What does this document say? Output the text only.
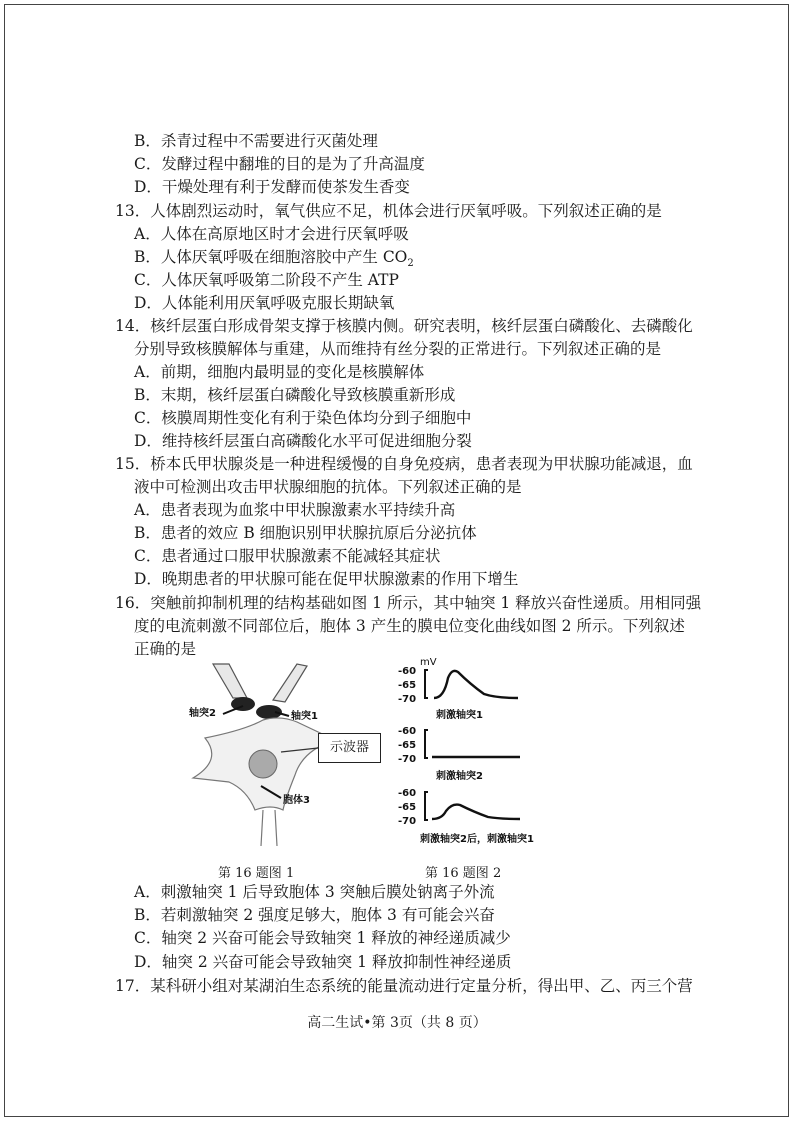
B．杀青过程中不需要进行灭菌处理
C．发酵过程中翻堆的目的是为了升高温度
D．干燥处理有利于发酵而使茶发生香变
13．人体剧烈运动时，氧气供应不足，机体会进行厌氧呼吸。下列叙述正确的是
A．人体在高原地区时才会进行厌氧呼吸
B．人体厌氧呼吸在细胞溶胶中产生 $CO_2$
C．人体厌氧呼吸第二阶段不产生 ATP
D．人体能利用厌氧呼吸克服长期缺氧
14．核纤层蛋白形成骨架支撑于核膜内侧。研究表明，核纤层蛋白磷酸化、去磷酸化
分别导致核膜解体与重建，从而维持有丝分裂的正常进行。下列叙述正确的是
A．前期，细胞内最明显的变化是核膜解体
B．末期，核纤层蛋白磷酸化导致核膜重新形成
C．核膜周期性变化有利于染色体均分到子细胞中
D．维持核纤层蛋白高磷酸化水平可促进细胞分裂
15．桥本氏甲状腺炎是一种进程缓慢的自身免疫病，患者表现为甲状腺功能减退，血
液中可检测出攻击甲状腺细胞的抗体。下列叙述正确的是
A．患者表现为血浆中甲状腺激素水平持续升高
B．患者的效应 B 细胞识别甲状腺抗原后分泌抗体
C．患者通过口服甲状腺激素不能减轻其症状
D．晚期患者的甲状腺可能在促甲状腺激素的作用下增生
16．突触前抑制机理的结构基础如图 1 所示，其中轴突 1 释放兴奋性递质。用相同强
度的电流刺激不同部位后，胞体 3 产生的膜电位变化曲线如图 2 所示。下列叙述
正确的是
轴突2	轴突1
胞体3
示波器
mV
-60
-65
-70
刺激轴突1
-60
-65
-70
刺激轴突2
-60
-65
-70
刺激轴突2后，刺激轴突1
第 16 题图 1	第 16 题图 2
A．刺激轴突 1 后导致胞体 3 突触后膜处钠离子外流
B．若刺激轴突 2 强度足够大，胞体 3 有可能会兴奋
C．轴突 2 兴奋可能会导致轴突 1 释放的神经递质减少
D．轴突 2 兴奋可能会导致轴突 1 释放抑制性神经递质
17．某科研小组对某湖泊生态系统的能量流动进行定量分析，得出甲、乙、丙三个营
高二生试•第 3页（共 8 页）
